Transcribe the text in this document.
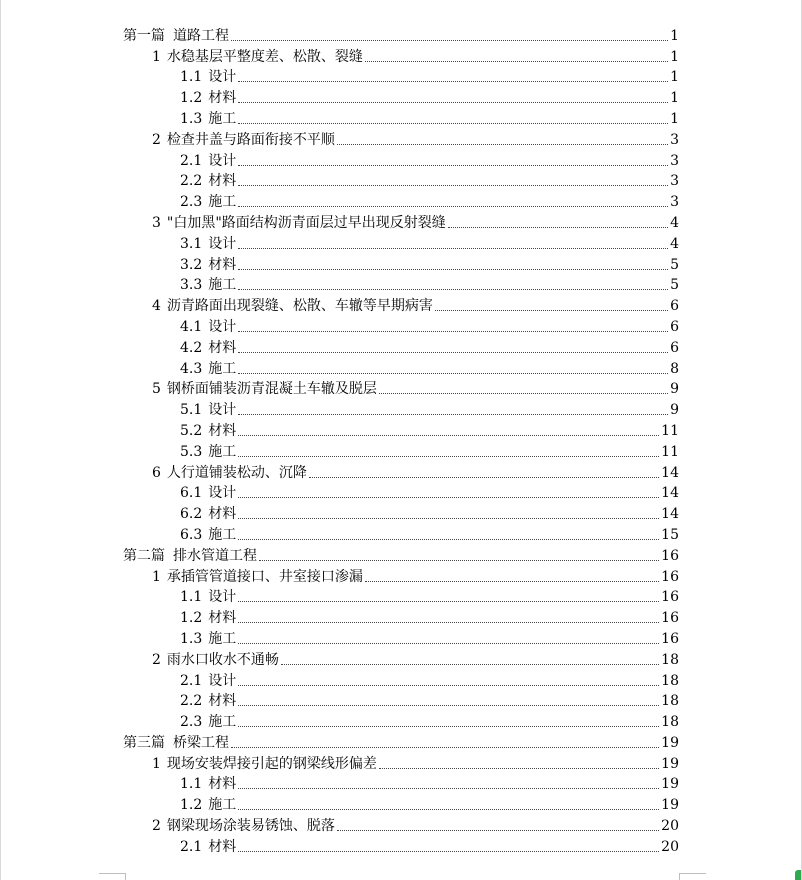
第一篇 道路工程	1
1 水稳基层平整度差、松散、裂缝	1
1.1 设计	1
1.2 材料	1
1.3 施工	1
2 检查井盖与路面衔接不平顺	3
2.1 设计	3
2.2 材料	3
2.3 施工	3
3 "白加黑"路面结构沥青面层过早出现反射裂缝	4
3.1 设计	4
3.2 材料	5
3.3 施工	5
4 沥青路面出现裂缝、松散、车辙等早期病害	6
4.1 设计	6
4.2 材料	6
4.3 施工	8
5 钢桥面铺装沥青混凝土车辙及脱层	9
5.1 设计	9
5.2 材料	11
5.3 施工	11
6 人行道铺装松动、沉降	14
6.1 设计	14
6.2 材料	14
6.3 施工	15
第二篇 排水管道工程	16
1 承插管管道接口、井室接口渗漏	16
1.1 设计	16
1.2 材料	16
1.3 施工	16
2 雨水口收水不通畅	18
2.1 设计	18
2.2 材料	18
2.3 施工	18
第三篇 桥梁工程	19
1 现场安装焊接引起的钢梁线形偏差	19
1.1 材料	19
1.2 施工	19
2 钢梁现场涂装易锈蚀、脱落	20
2.1 材料	20
